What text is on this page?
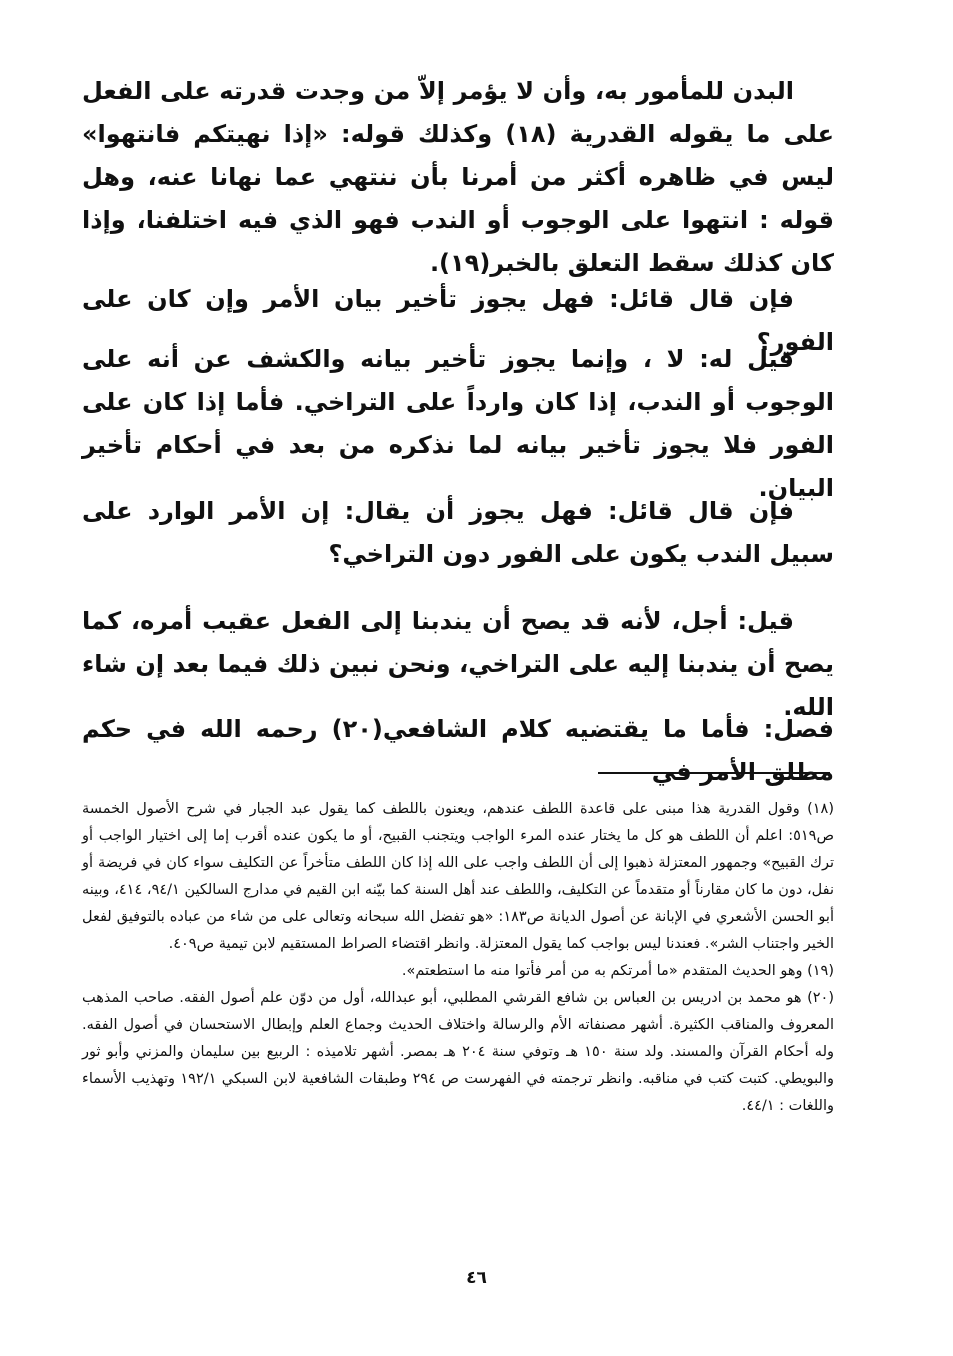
البدن للمأمور به، وأن لا يؤمر إلاّ من وجدت قدرته على الفعل على ما يقوله القدرية (١٨) وكذلك قوله: «إذا نهيتكم فانتهوا» ليس في ظاهره أكثر من أمرنا بأن ننتهي عما نهانا عنه، وهل قوله : انتهوا على الوجوب أو الندب فهو الذي فيه اختلفنا، وإذا كان كذلك سقط التعلق بالخبر(١٩).

فإن قال قائل: فهل يجوز تأخير بيان الأمر وإن كان على الفور؟

قيل له: لا ، وإنما يجوز تأخير بيانه والكشف عن أنه على الوجوب أو الندب، إذا كان وارداً على التراخي. فأما إذا كان على الفور فلا يجوز تأخير بيانه لما نذكره من بعد في أحكام تأخير البيان.

فإن قال قائل: فهل يجوز أن يقال: إن الأمر الوارد على سبيل الندب يكون على الفور دون التراخي؟

قيل: أجل، لأنه قد يصح أن يندبنا إلى الفعل عقيب أمره، كما يصح أن يندبنا إليه على التراخي، ونحن نبين ذلك فيما بعد إن شاء الله.

فصل: فأما ما يقتضيه كلام الشافعي(٢٠) رحمه الله في حكم مطلق الأمر في

(١٨) وقول القدرية هذا مبنى على قاعدة اللطف عندهم، ويعنون باللطف كما يقول عبد الجبار في شرح الأصول الخمسة ص٥١٩: اعلم أن اللطف هو كل ما يختار عنده المرء الواجب ويتجنب القبيح، أو ما يكون عنده أقرب إما إلى اختيار الواجب أو ترك القبيح» وجمهور المعتزلة ذهبوا إلى أن اللطف واجب على الله إذا كان اللطف متأخراً عن التكليف سواء كان في فريضة أو نفل، دون ما كان مقارناً أو متقدماً عن التكليف، واللطف عند أهل السنة كما بيّنه ابن القيم في مدارج السالكين ٩٤/١، ٤١٤، وبينه أبو الحسن الأشعري في الإبانة عن أصول الديانة ص١٨٣: «هو تفضل الله سبحانه وتعالى على من شاء من عباده بالتوفيق لفعل الخير واجتناب الشر». فعندنا ليس بواجب كما يقول المعتزلة. وانظر اقتضاء الصراط المستقيم لابن تيمية ص٤٠٩.

(١٩) وهو الحديث المتقدم «ما أمرتكم به من أمر فأتوا منه ما استطعتم».

(٢٠) هو محمد بن ادريس بن العباس بن شافع القرشي المطلبي، أبو عبدالله، أول من دوّن علم أصول الفقه. صاحب المذهب المعروف والمناقب الكثيرة. أشهر مصنفاته الأم والرسالة واختلاف الحديث وجماع العلم وإبطال الاستحسان في أصول الفقه. وله أحكام القرآن والمسند. ولد سنة ١٥٠ هـ وتوفي سنة ٢٠٤ هـ بمصر. أشهر تلاميذه : الربيع بين سليمان والمزني وأبو ثور والبويطي. كتبت كتب في مناقبه. وانظر ترجمته في الفهرست ص ٢٩٤ وطبقات الشافعية لابن السبكي ١٩٢/١ وتهذيب الأسماء واللغات : ٤٤/١.

٤٦
